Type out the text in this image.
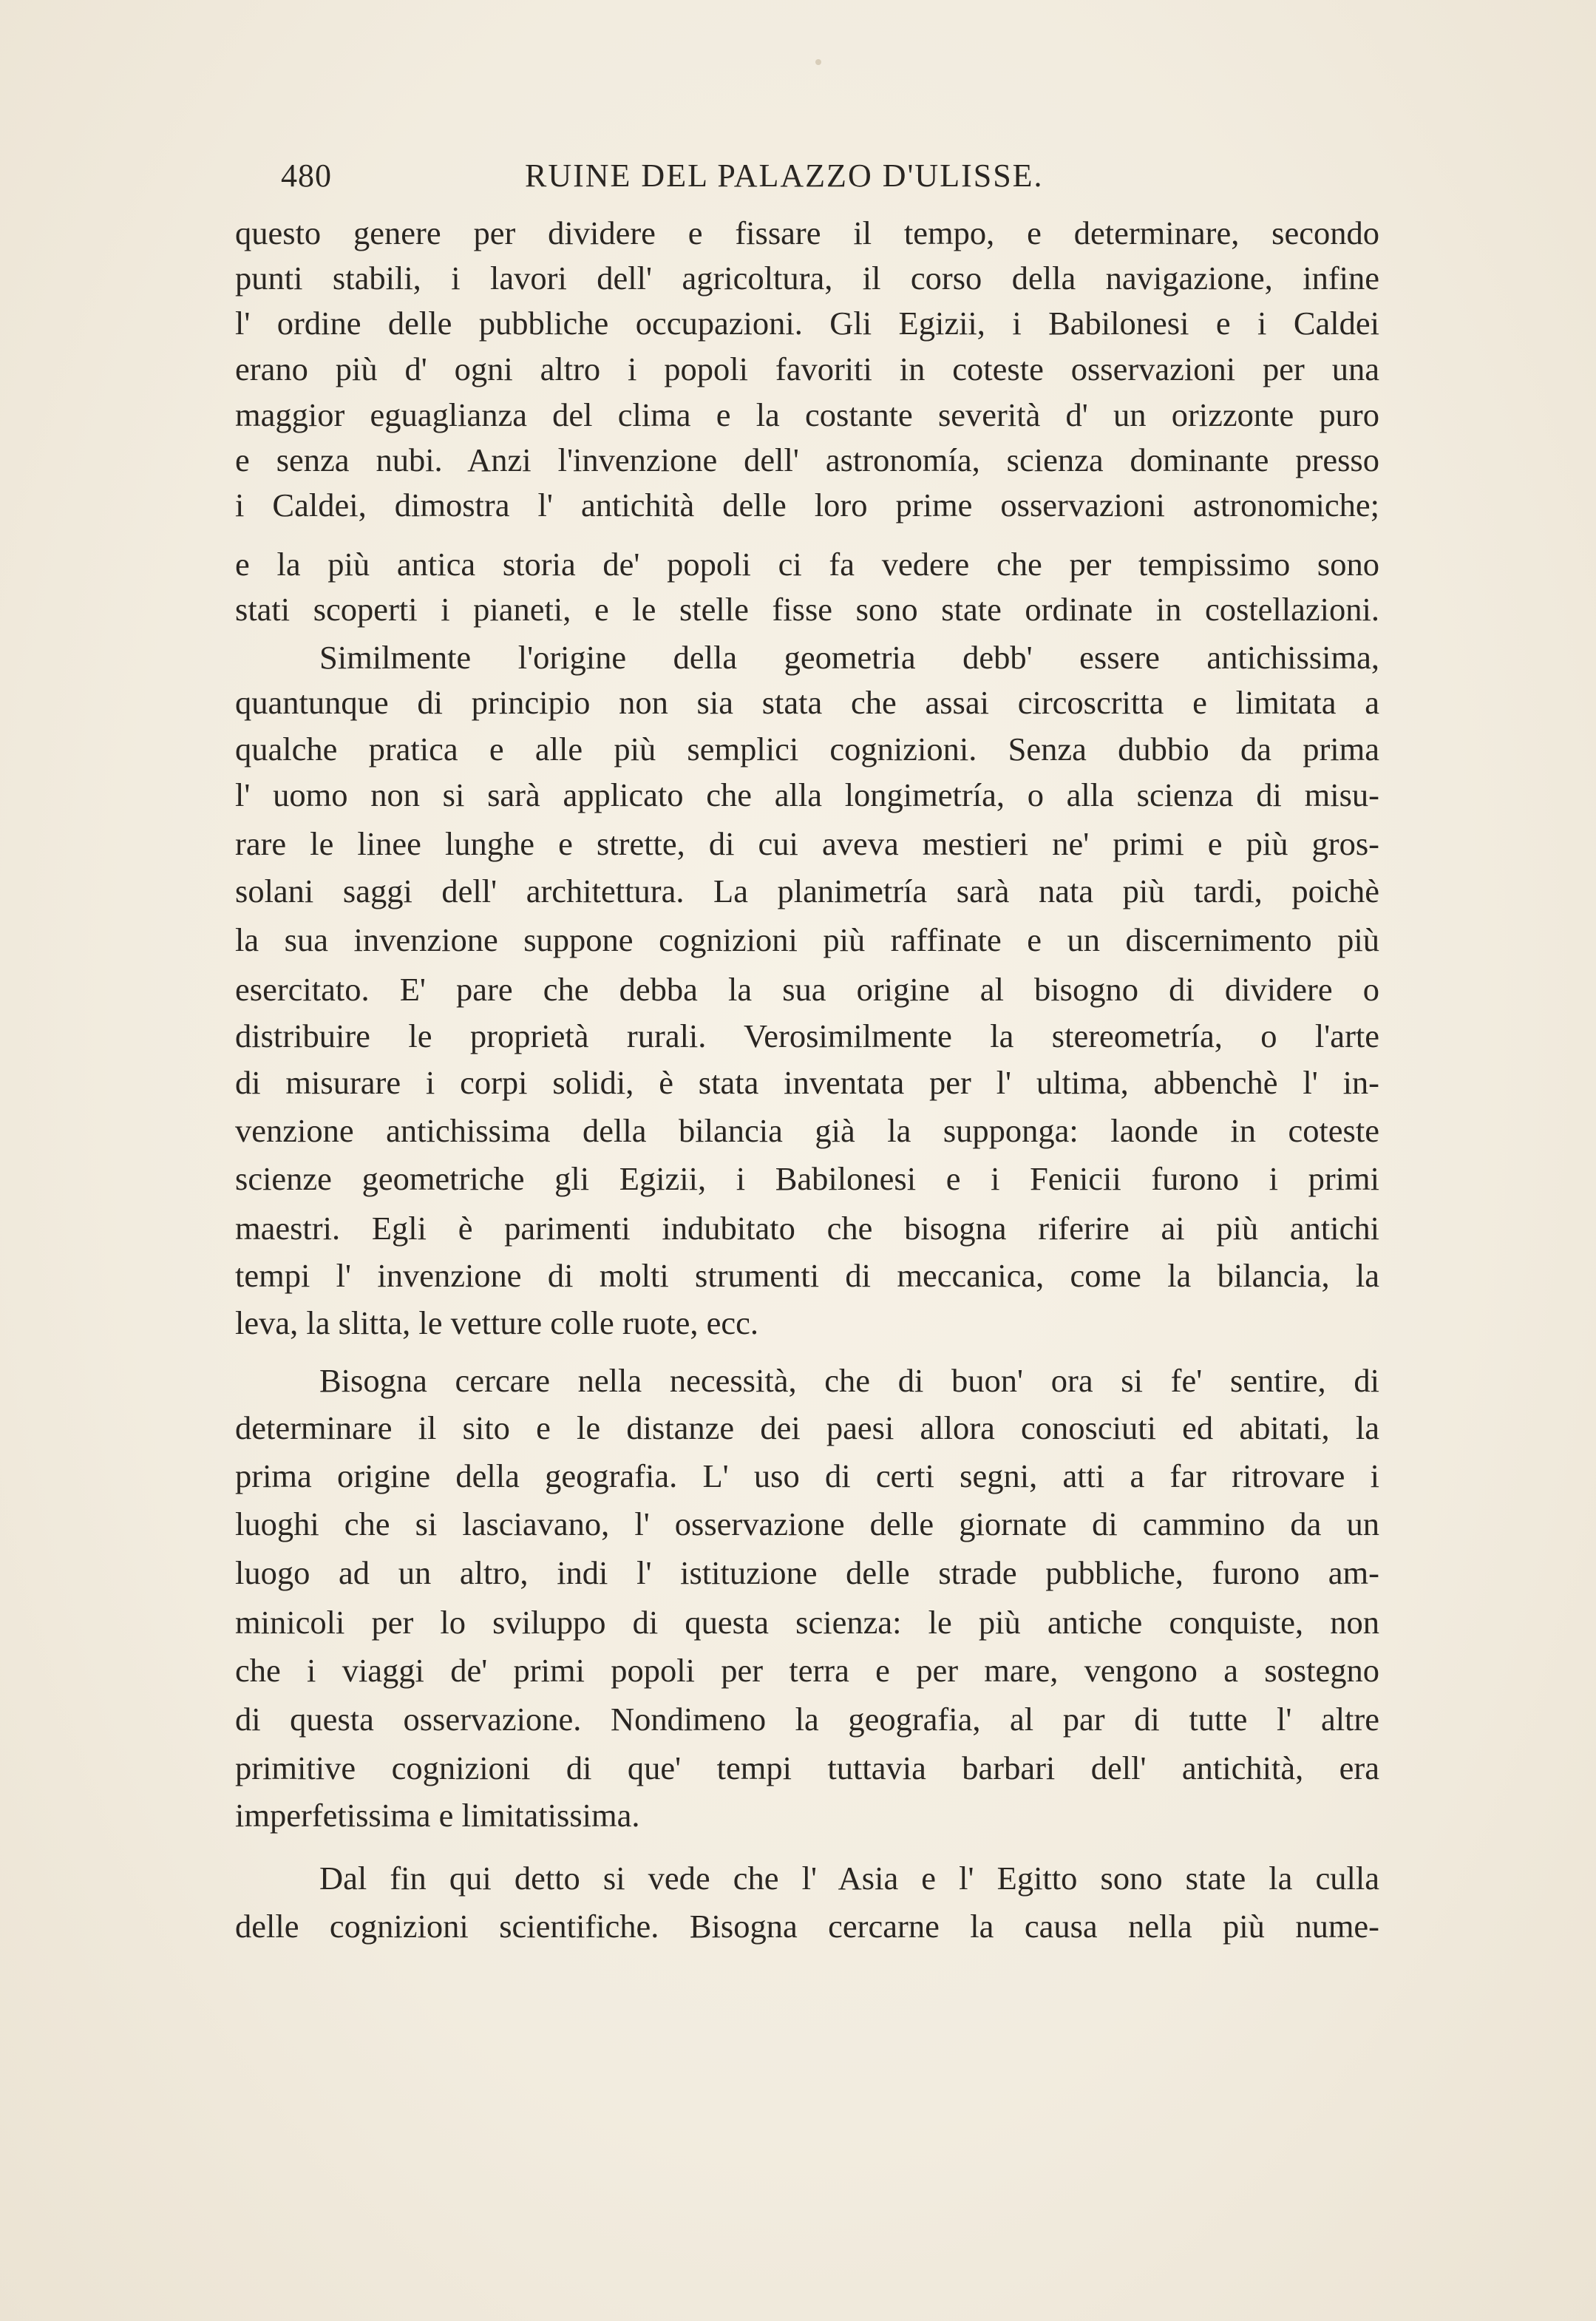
480	RUINE DEL PALAZZO D'ULISSE.
questo genere per dividere e fissare il tempo, e determinare, secondo
punti stabili, i lavori dell' agricoltura, il corso della navigazione, infine
l' ordine delle pubbliche occupazioni. Gli Egizii, i Babilonesi e i Caldei
erano più d' ogni altro i popoli favoriti in coteste osservazioni per una
maggior eguaglianza del clima e la costante severità d' un orizzonte puro
e senza nubi. Anzi l'invenzione dell' astronomía, scienza dominante presso
i Caldei, dimostra l' antichità delle loro prime osservazioni astronomiche;
e la più antica storia de' popoli ci fa vedere che per tempissimo sono
stati scoperti i pianeti, e le stelle fisse sono state ordinate in costellazioni.
Similmente l'origine della geometria debb' essere antichissima,
quantunque di principio non sia stata che assai circoscritta e limitata a
qualche pratica e alle più semplici cognizioni. Senza dubbio da prima
l' uomo non si sarà applicato che alla longimetría, o alla scienza di misu-
rare le linee lunghe e strette, di cui aveva mestieri ne' primi e più gros-
solani saggi dell' architettura. La planimetría sarà nata più tardi, poichè
la sua invenzione suppone cognizioni più raffinate e un discernimento più
esercitato. E' pare che debba la sua origine al bisogno di dividere o
distribuire le proprietà rurali. Verosimilmente la stereometría, o l'arte
di misurare i corpi solidi, è stata inventata per l' ultima, abbenchè l' in-
venzione antichissima della bilancia già la supponga: laonde in coteste
scienze geometriche gli Egizii, i Babilonesi e i Fenicii furono i primi
maestri. Egli è parimenti indubitato che bisogna riferire ai più antichi
tempi l' invenzione di molti strumenti di meccanica, come la bilancia, la
leva, la slitta, le vetture colle ruote, ecc.
Bisogna cercare nella necessità, che di buon' ora si fe' sentire, di
determinare il sito e le distanze dei paesi allora conosciuti ed abitati, la
prima origine della geografia. L' uso di certi segni, atti a far ritrovare i
luoghi che si lasciavano, l' osservazione delle giornate di cammino da un
luogo ad un altro, indi l' istituzione delle strade pubbliche, furono am-
minicoli per lo sviluppo di questa scienza: le più antiche conquiste, non
che i viaggi de' primi popoli per terra e per mare, vengono a sostegno
di questa osservazione. Nondimeno la geografia, al par di tutte l' altre
primitive cognizioni di que' tempi tuttavia barbari dell' antichità, era
imperfetissima e limitatissima.
Dal fin qui detto si vede che l' Asia e l' Egitto sono state la culla
delle cognizioni scientifiche. Bisogna cercarne la causa nella più nume-
